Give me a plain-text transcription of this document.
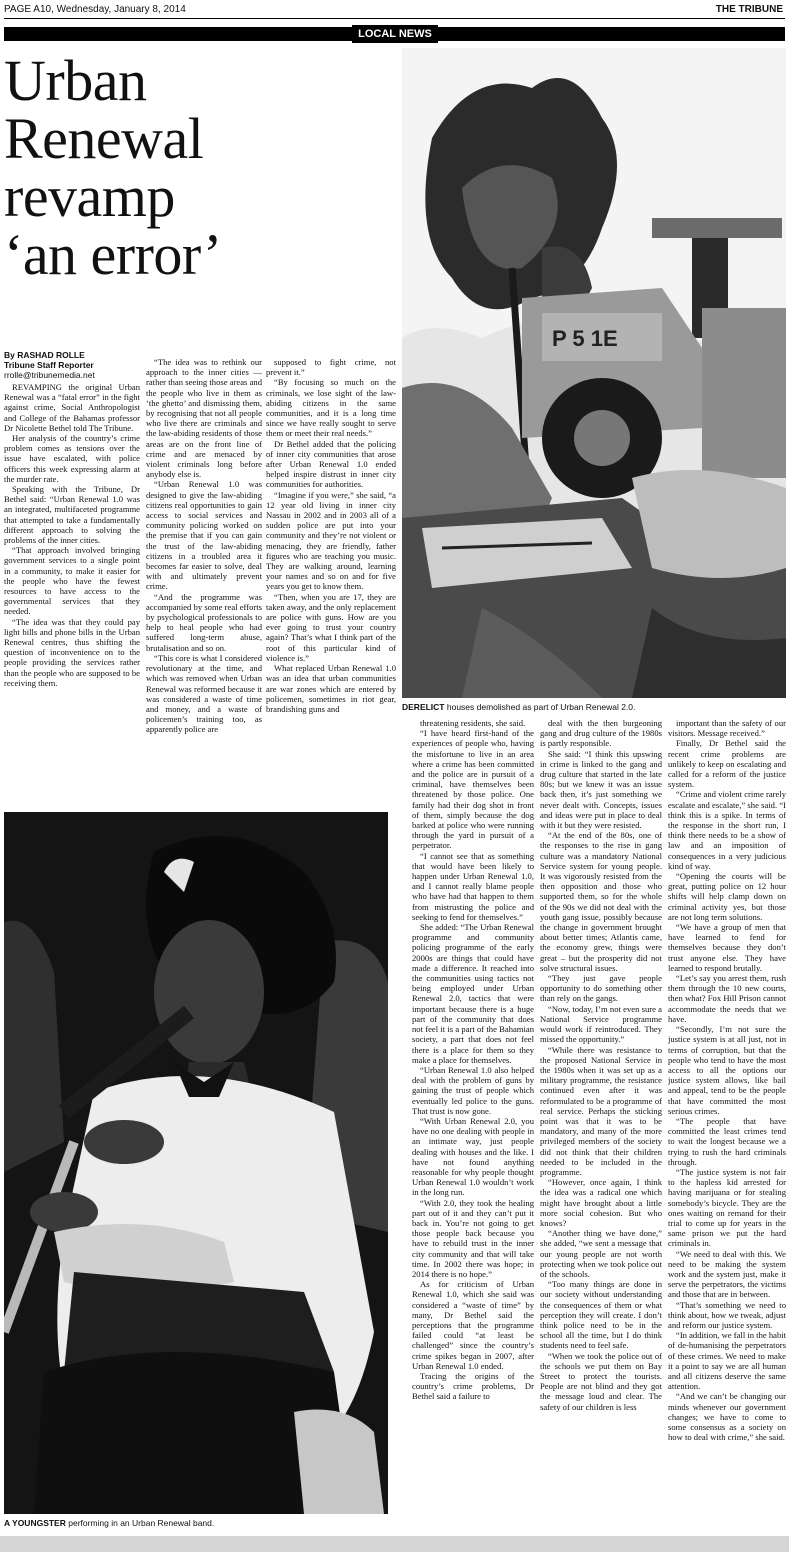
PAGE A10, Wednesday, January 8, 2014	THE TRIBUNE
LOCAL NEWS
Urban
Renewal
revamp
‘an error’
By RASHAD ROLLE
Tribune Staff Reporter
rrolle@tribunemedia.net

REVAMPING the original Urban Renewal was a “fatal error” in the fight against crime, Social Anthropologist and College of the Bahamas professor Dr Nicolette Bethel told The Tribune.

Her analysis of the country’s crime problem comes as tensions over the issue have escalated, with police officers this week expressing alarm at the murder rate.

Speaking with the Tribune, Dr Bethel said: “Urban Renewal 1.0 was an integrated, multifaceted programme that attempted to take a fundamentally different approach to solving the problems of the inner cities.

“That approach involved bringing government services to a single point in a community, to make it easier for the people who have the fewest resources to have access to the governmental services that they needed.

“The idea was that they could pay light bills and phone bills in the Urban Renewal centres, thus shifting the question of inconvenience on to the people providing the services rather than the people who are supposed to be receiving them.

“The idea was to rethink our approach to the inner cities — rather than seeing those areas and the people who live in them as ‘the ghetto’ and dismissing them, by recognising that not all people who live there are criminals and the law-abiding residents of those areas are on the front line of crime and are menaced by violent criminals long before anybody else is.

“Urban Renewal 1.0 was designed to give the law-abiding citizens real opportunities to gain access to social services and community policing worked on the premise that if you can gain the trust of the law-abiding citizens in a troubled area it becomes far easier to solve, deal with and ultimately prevent crime.

“And the programme was accompanied by some real efforts by psychological professionals to help to heal people who had suffered long-term abuse, brutalisation and so on.

“This core is what I considered revolutionary at the time, and which was removed when Urban Renewal was reformed because it was considered a waste of time and money, and a waste of policemen’s training too, as apparently police are

supposed to fight crime, not prevent it.”

“By focusing so much on the criminals, we lose sight of the law-abiding citizens in the same communities, and it is a long time since we have really sought to serve them or meet their real needs.”

Dr Bethel added that the policing of inner city communities that arose after Urban Renewal 1.0 ended helped inspire distrust in inner city communities for authorities.

“Imagine if you were,” she said, “a 12 year old living in inner city Nassau in 2002 and in 2003 all of a sudden police are put into your community and they’re not violent or menacing, they are friendly, father figures who are teaching you music. They are walking around, learning your names and so on and for five years you get to know them.

“Then, when you are 17, they are taken away, and the only replacement are police with guns. How are you ever going to trust your country again? That’s what I think part of the root of this particular kind of violence is.”

What replaced Urban Renewal 1.0 was an idea that urban communities are war zones which are entered by policemen, sometimes in riot gear, brandishing guns and

P 5 1E
DERELICT houses demolished as part of Urban Renewal 2.0.

threatening residents, she said.

“I have heard first-hand of the experiences of people who, having the misfortune to live in an area where a crime has been committed and the police are in pursuit of a criminal, have themselves been threatened by those police. One family had their dog shot in front of them, simply because the dog barked at police who were running through the yard in pursuit of a perpetrator.

“I cannot see that as something that would have been likely to happen under Urban Renewal 1.0, and I cannot really blame people who have had that happen to them from mistrusting the police and seeking to fend for themselves.”

She added: “The Urban Renewal programme and community policing programme of the early 2000s are things that could have made a difference. It reached into the communities using tactics not being employed under Urban Renewal 2.0, tactics that were important because there is a huge part of the community that does not feel it is a part of the Bahamian society, a part that does not feel there is a place for them so they make a place for themselves.

“Urban Renewal 1.0 also helped deal with the problem of guns by gaining the trust of people which eventually led police to the guns. That trust is now gone.

“With Urban Renewal 2.0, you have no one dealing with people in an intimate way, just people dealing with houses and the like. I have not found anything reasonable for why people thought Urban Renewal 1.0 wouldn’t work in the long run.

“With 2.0, they took the healing part out of it and they can’t put it back in. You’re not going to get those people back because you have to rebuild trust in the inner city community and that will take time. In 2002 there was hope; in 2014 there is no hope.”

As for criticism of Urban Renewal 1.0, which she said was considered a “waste of time” by many, Dr Bethel said the perceptions that the programme failed could “at least be challenged” since the country’s crime spikes began in 2007, after Urban Renewal 1.0 ended.

Tracing the origins of the country’s crime problems, Dr Bethel said a failure to

deal with the then burgeoning gang and drug culture of the 1980s is partly responsible.

She said: “I think this upswing in crime is linked to the gang and drug culture that started in the late 80s; but we knew it was an issue back then, it’s just something we never dealt with. Concepts, issues and ideas were put in place to deal with it but they were resisted.

“At the end of the 80s, one of the responses to the rise in gang culture was a mandatory National Service system for young people. It was vigorously resisted from the then opposition and those who supported them, so for the whole of the 90s we did not deal with the youth gang issue, possibly because the change in government brought about better times; Atlantis came, the economy grew, things were great – but the prosperity did not solve structural issues.

“They just gave people opportunity to do something other than rely on the gangs.

“Now, today, I’m not even sure a National Service programme would work if reintroduced. They missed the opportunity.”

“While there was resistance to the proposed National Service in the 1980s when it was set up as a military programme, the resistance continued even after it was reformulated to be a programme of real service. Perhaps the sticking point was that it was to be mandatory, and many of the more privileged members of the society did not think that their children needed to be included in the programme.

“However, once again, I think the idea was a radical one which might have brought about a little more social cohesion. But who knows?

“Another thing we have done,” she added, “we sent a message that our young people are not worth protecting when we took police out of the schools.

“Too many things are done in our society without understanding the consequences of them or what perception they will create. I don’t think police need to be in the school all the time, but I do think students need to feel safe.

“When we took the police out of the schools we put them on Bay Street to protect the tourists. People are not blind and they got the message loud and clear. The safety of our children is less

important than the safety of our visitors. Message received.”

Finally, Dr Bethel said the recent crime problems are unlikely to keep on escalating and called for a reform of the justice system.

“Crime and violent crime rarely escalate and escalate,” she said. “I think this is a spike. In terms of the response in the short run, I think there needs to be a show of law and an imposition of consequences in a very judicious kind of way.

“Opening the courts will be great, putting police on 12 hour shifts will help clamp down on criminal activity yes, but those are not long term solutions.

“We have a group of men that have learned to fend for themselves because they don’t trust anyone else. They have learned to respond brutally.

“Let’s say you arrest them, rush them through the 10 new courts, then what? Fox Hill Prison cannot accommodate the needs that we have.

“Secondly, I’m not sure the justice system is at all just, not in terms of corruption, but that the people who tend to have the most access to all the options our justice system allows, like bail and appeal, tend to be the people that have committed the most serious crimes.

“The people that have committed the least crimes tend to wait the longest because we a trying to rush the hard criminals through.

“The justice system is not fair to the hapless kid arrested for having marijuana or for stealing somebody’s bicycle. They are the ones waiting on remand for their trial to come up for years in the same prison we put the hard criminals in.

“We need to deal with this. We need to be making the system work and the system just, make it serve the perpetrators, the victims and those that are in between.

“That’s something we need to think about, how we tweak, adjust and reform our justice system.

“In addition, we fall in the habit of de-humanising the perpetrators of these crimes. We need to make it a point to say we are all human and all citizens deserve the same attention.

“And we can’t be changing our minds whenever our government changes; we have to come to some consensus as a society on how to deal with crime,” she said.

A YOUNGSTER performing in an Urban Renewal band.
